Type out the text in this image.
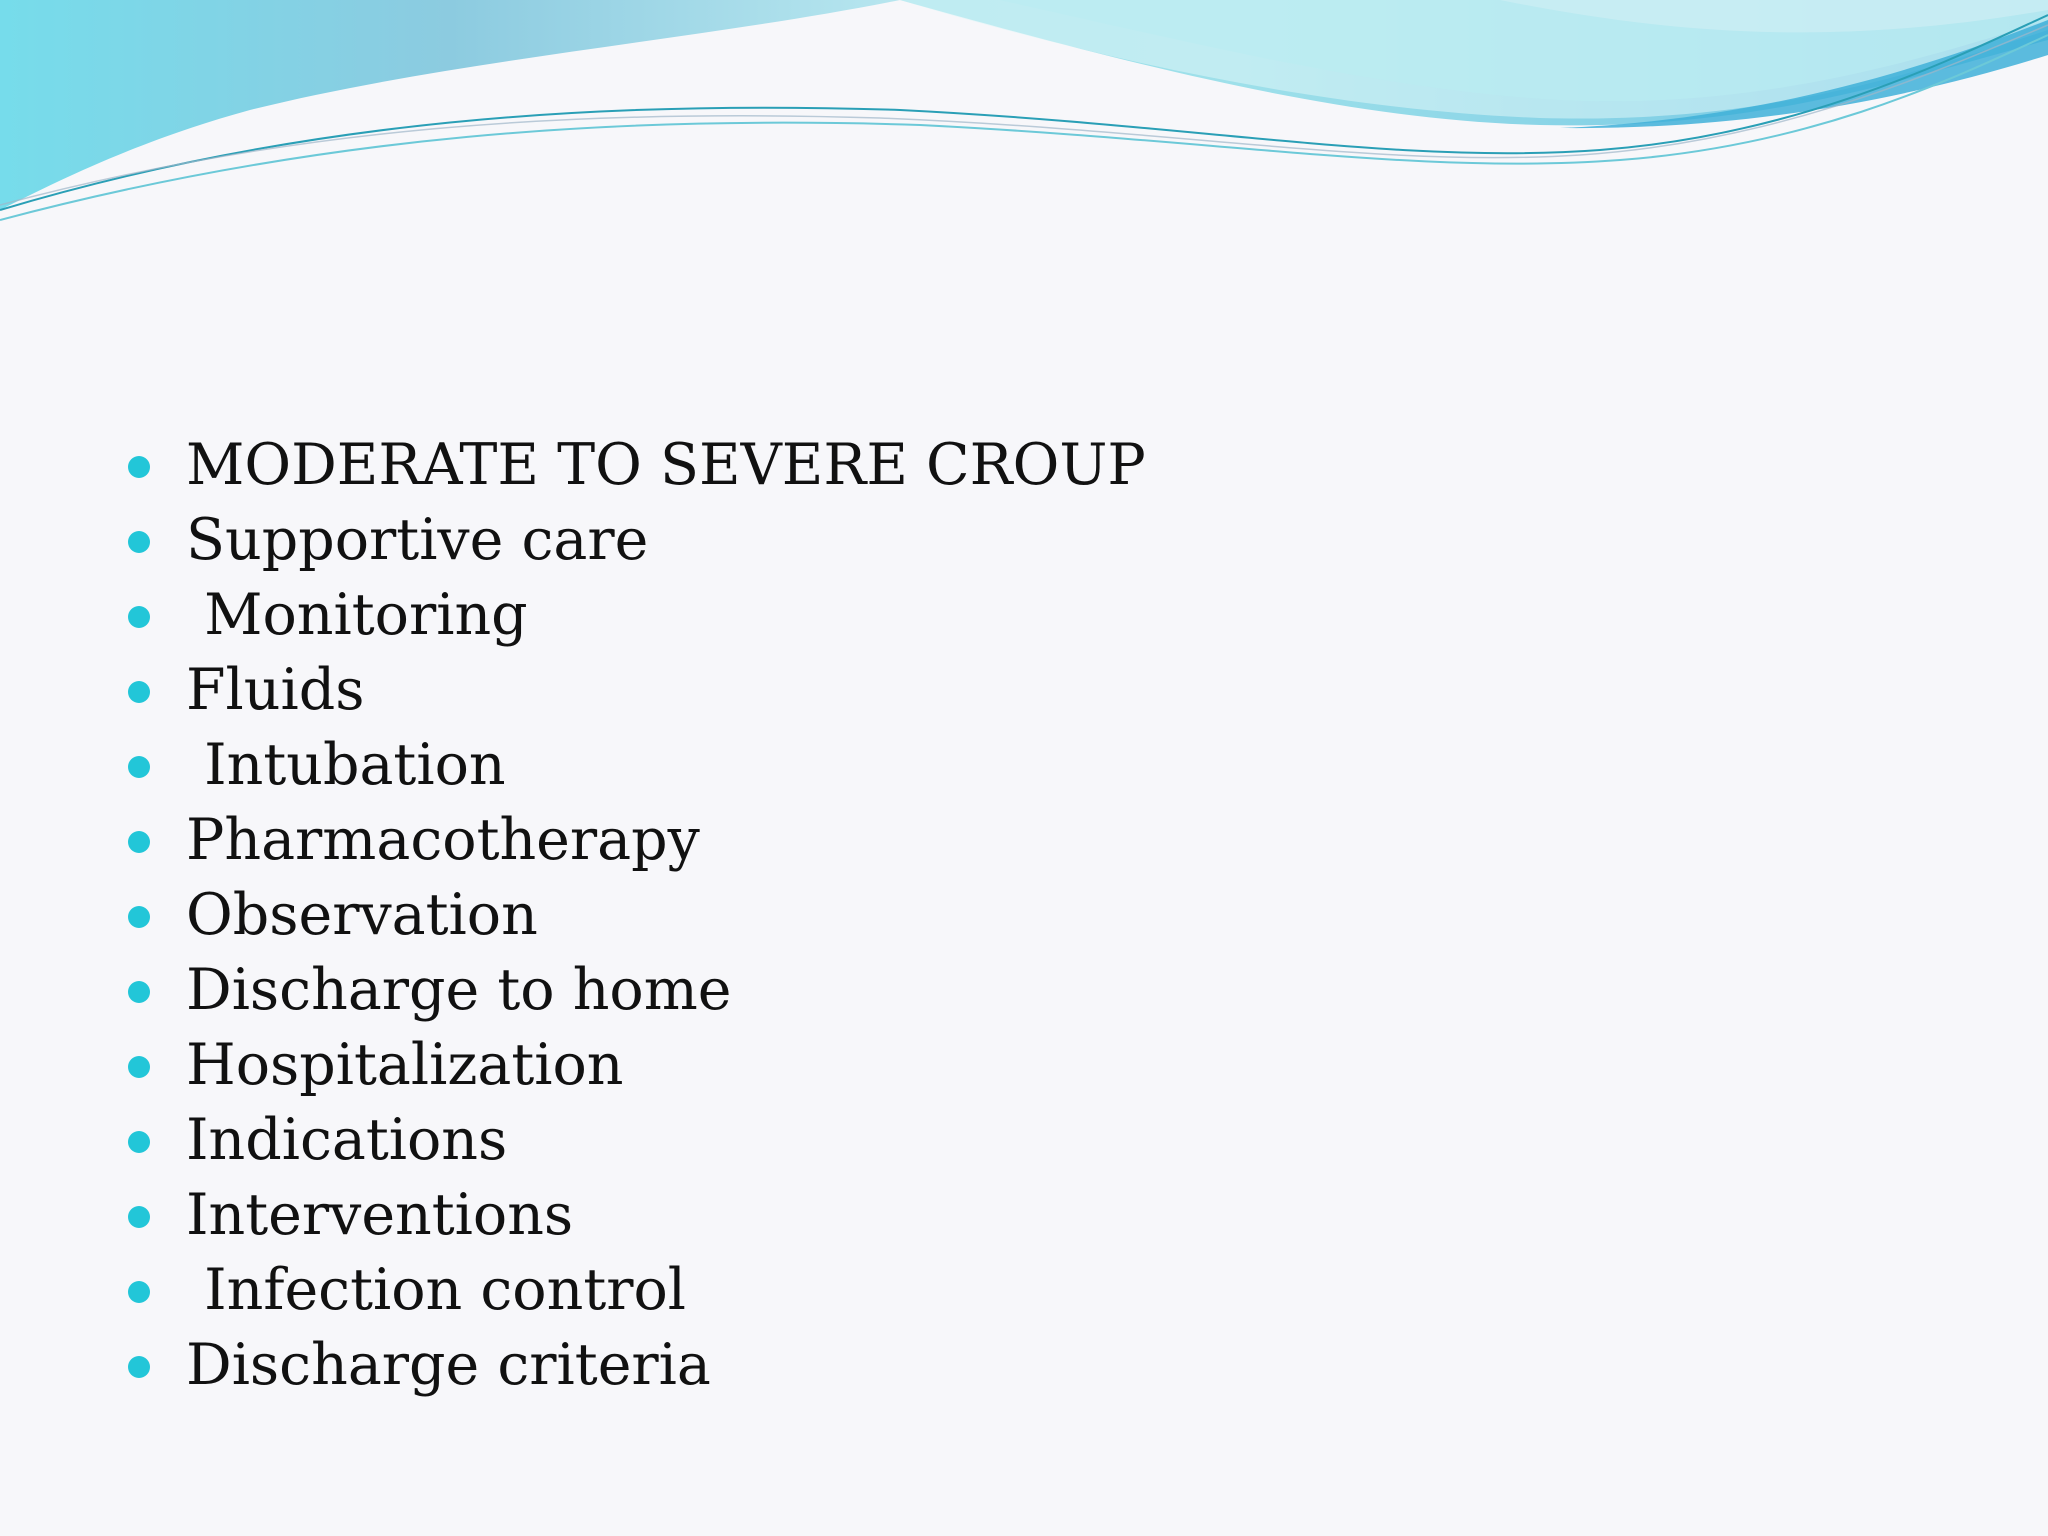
MODERATE TO SEVERE CROUP
Supportive care
Monitoring
Fluids
Intubation
Pharmacotherapy
Observation
Discharge to home
Hospitalization
Indications
Interventions
Infection control
Discharge criteria
